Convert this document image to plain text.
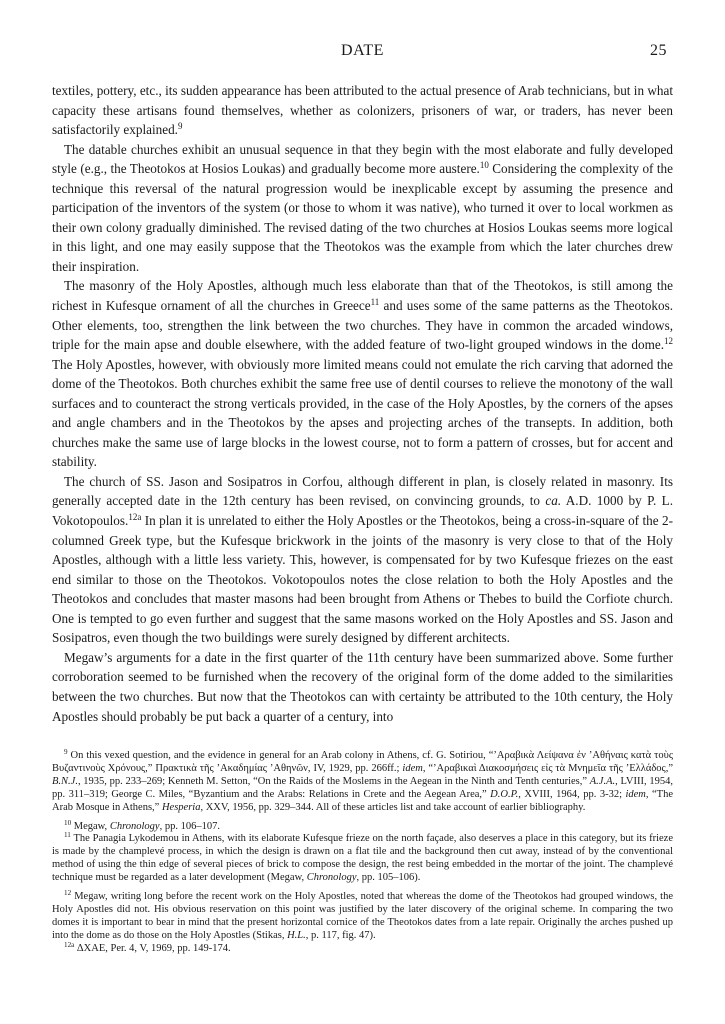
DATE	25

textiles, pottery, etc., its sudden appearance has been attributed to the actual presence of Arab technicians, but in what capacity these artisans found themselves, whether as colonizers, prisoners of war, or traders, has never been satisfactorily explained.$^9$

The datable churches exhibit an unusual sequence in that they begin with the most elaborate and fully developed style (e.g., the Theotokos at Hosios Loukas) and gradually become more austere.$^{10}$ Considering the complexity of the technique this reversal of the natural progression would be inexplicable except by assuming the presence and participation of the inventors of the system (or those to whom it was native), who turned it over to local workmen as their own colony gradually diminished. The revised dating of the two churches at Hosios Loukas seems more logical in this light, and one may easily suppose that the Theotokos was the example from which the later churches drew their inspiration.

The masonry of the Holy Apostles, although much less elaborate than that of the Theotokos, is still among the richest in Kufesque ornament of all the churches in Greece$^{11}$ and uses some of the same patterns as the Theotokos. Other elements, too, strengthen the link between the two churches. They have in common the arcaded windows, triple for the main apse and double elsewhere, with the added feature of two-light grouped windows in the dome.$^{12}$ The Holy Apostles, however, with obviously more limited means could not emulate the rich carving that adorned the dome of the Theotokos. Both churches exhibit the same free use of dentil courses to relieve the monotony of the wall surfaces and to counteract the strong verticals provided, in the case of the Holy Apostles, by the corners of the apses and angle chambers and in the Theotokos by the apses and projecting arches of the transepts. In addition, both churches make the same use of large blocks in the lowest course, not to form a pattern of crosses, but for accent and stability.

The church of SS. Jason and Sosipatros in Corfou, although different in plan, is closely related in masonry. Its generally accepted date in the 12th century has been revised, on convincing grounds, to ca. A.D. 1000 by P. L. Vokotopoulos.$^{12a}$ In plan it is unrelated to either the Holy Apostles or the Theotokos, being a cross-in-square of the 2-columned Greek type, but the Kufesque brickwork in the joints of the masonry is very close to that of the Holy Apostles, although with a little less variety. This, however, is compensated for by two Kufesque friezes on the east end similar to those on the Theotokos. Vokotopoulos notes the close relation to both the Holy Apostles and the Theotokos and concludes that master masons had been brought from Athens or Thebes to build the Corfiote church. One is tempted to go even further and suggest that the same masons worked on the Holy Apostles and SS. Jason and Sosipatros, even though the two buildings were surely designed by different architects.

Megaw’s arguments for a date in the first quarter of the 11th century have been summarized above. Some further corroboration seemed to be furnished when the recovery of the original form of the dome added to the similarities between the two churches. But now that the Theotokos can with certainty be attributed to the 10th century, the Holy Apostles should probably be put back a quarter of a century, into

$^9$ On this vexed question, and the evidence in general for an Arab colony in Athens, cf. G. Sotiriou, “’Αραβικὰ Λείψανα ἐν ’Αθήναις κατὰ τοὺς Βυζαντινοὺς Χρόνους,” Πρακτικὰ τῆς ’Ακαδημίας ’Αθηνῶν, IV, 1929, pp. 266ff.; idem, “’Αραβικαὶ Διακοσμήσεις εἰς τὰ Μνημεῖα τῆς ’Ελλάδος,” B.N.J., 1935, pp. 233–269; Kenneth M. Setton, “On the Raids of the Moslems in the Aegean in the Ninth and Tenth centuries,” A.J.A., LVIII, 1954, pp. 311–319; George C. Miles, “Byzantium and the Arabs: Relations in Crete and the Aegean Area,” D.O.P., XVIII, 1964, pp. 3-32; idem, “The Arab Mosque in Athens,” Hesperia, XXV, 1956, pp. 329–344. All of these articles list and take account of earlier bibliography.

$^{10}$ Megaw, Chronology, pp. 106–107.

$^{11}$ The Panagia Lykodemou in Athens, with its elaborate Kufesque frieze on the north façade, also deserves a place in this category, but its frieze is made by the champlevé process, in which the design is drawn on a flat tile and the background then cut away, instead of by the conventional method of using the thin edge of several pieces of brick to compose the design, the rest being embedded in the mortar of the joint. The champlevé technique must be regarded as a later development (Megaw, Chronology, pp. 105–106).

$^{12}$ Megaw, writing long before the recent work on the Holy Apostles, noted that whereas the dome of the Theotokos had grouped windows, the Holy Apostles did not. His obvious reservation on this point was justified by the later discovery of the original scheme. In comparing the two domes it is important to bear in mind that the present horizontal cornice of the Theotokos dates from a late repair. Originally the arches pushed up into the dome as do those on the Holy Apostles (Stikas, H.L., p. 117, fig. 47).

$^{12a}$ ΔΧΑΕ, Per. 4, V, 1969, pp. 149-174.
